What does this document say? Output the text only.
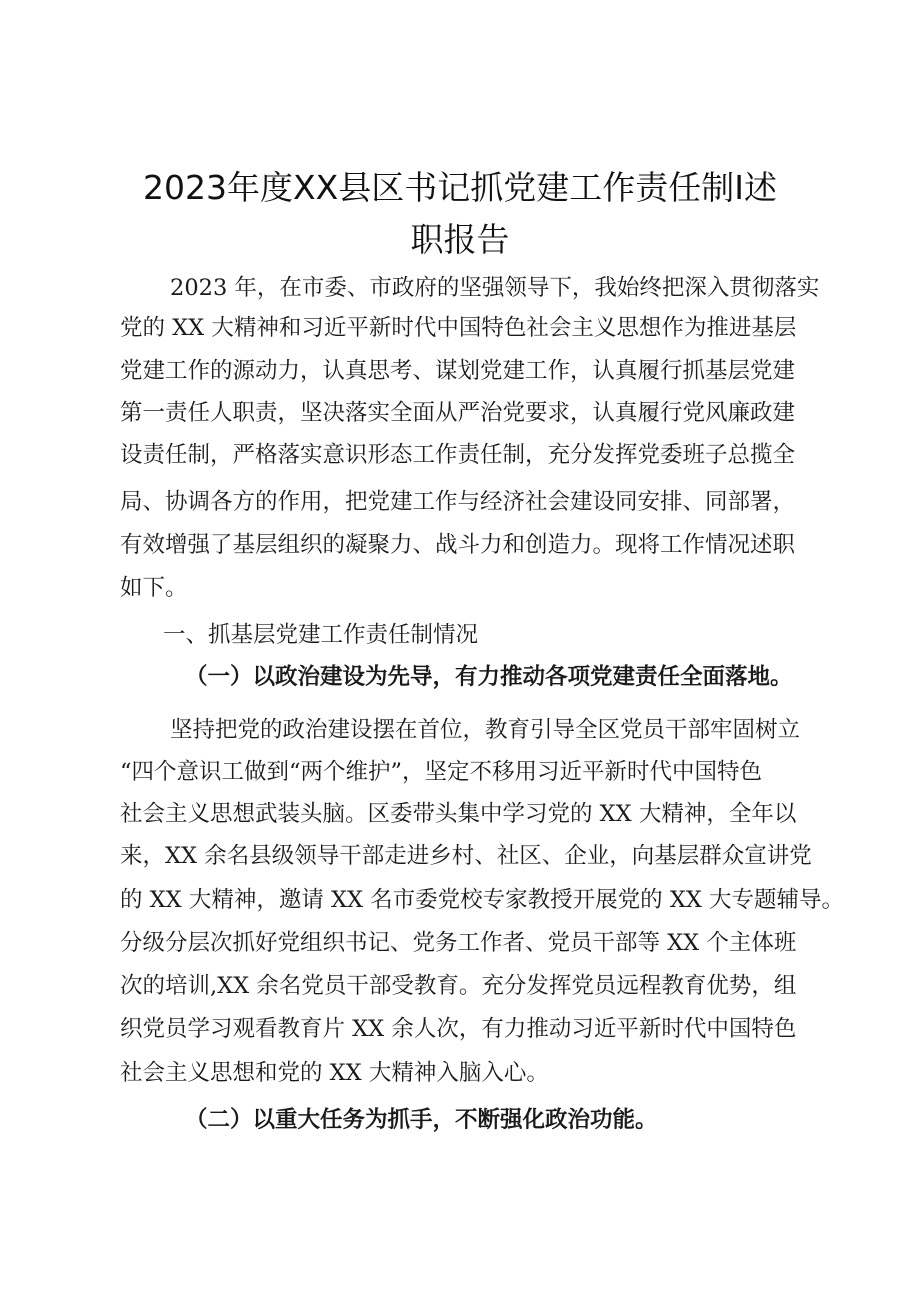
2023年度XX县区书记抓党建工作责任制I述
职报告

2023 年，在市委、市政府的坚强领导下，我始终把深入贯彻落实

党的 XX 大精神和习近平新时代中国特色社会主义思想作为推进基层

党建工作的源动力，认真思考、谋划党建工作，认真履行抓基层党建

第一责任人职责，坚决落实全面从严治党要求，认真履行党风廉政建

设责任制，严格落实意识形态工作责任制，充分发挥党委班子总揽全

局、协调各方的作用，把党建工作与经济社会建设同安排、同部署，

有效增强了基层组织的凝聚力、战斗力和创造力。现将工作情况述职

如下。

一、抓基层党建工作责任制情况
（一）以政治建设为先导，有力推动各项党建责任全面落地。

坚持把党的政治建设摆在首位，教育引导全区党员干部牢固树立

“四个意识工做到“两个维护”，坚定不移用习近平新时代中国特色

社会主义思想武装头脑。区委带头集中学习党的 XX 大精神，全年以

来，XX 余名县级领导干部走进乡村、社区、企业，向基层群众宣讲党

的 XX 大精神，邀请 XX 名市委党校专家教授开展党的 XX 大专题辅导。

分级分层次抓好党组织书记、党务工作者、党员干部等 XX 个主体班

次的培训,XX 余名党员干部受教育。充分发挥党员远程教育优势，组

织党员学习观看教育片 XX 余人次，有力推动习近平新时代中国特色

社会主义思想和党的 XX 大精神入脑入心。

（二）以重大任务为抓手，不断强化政治功能。
